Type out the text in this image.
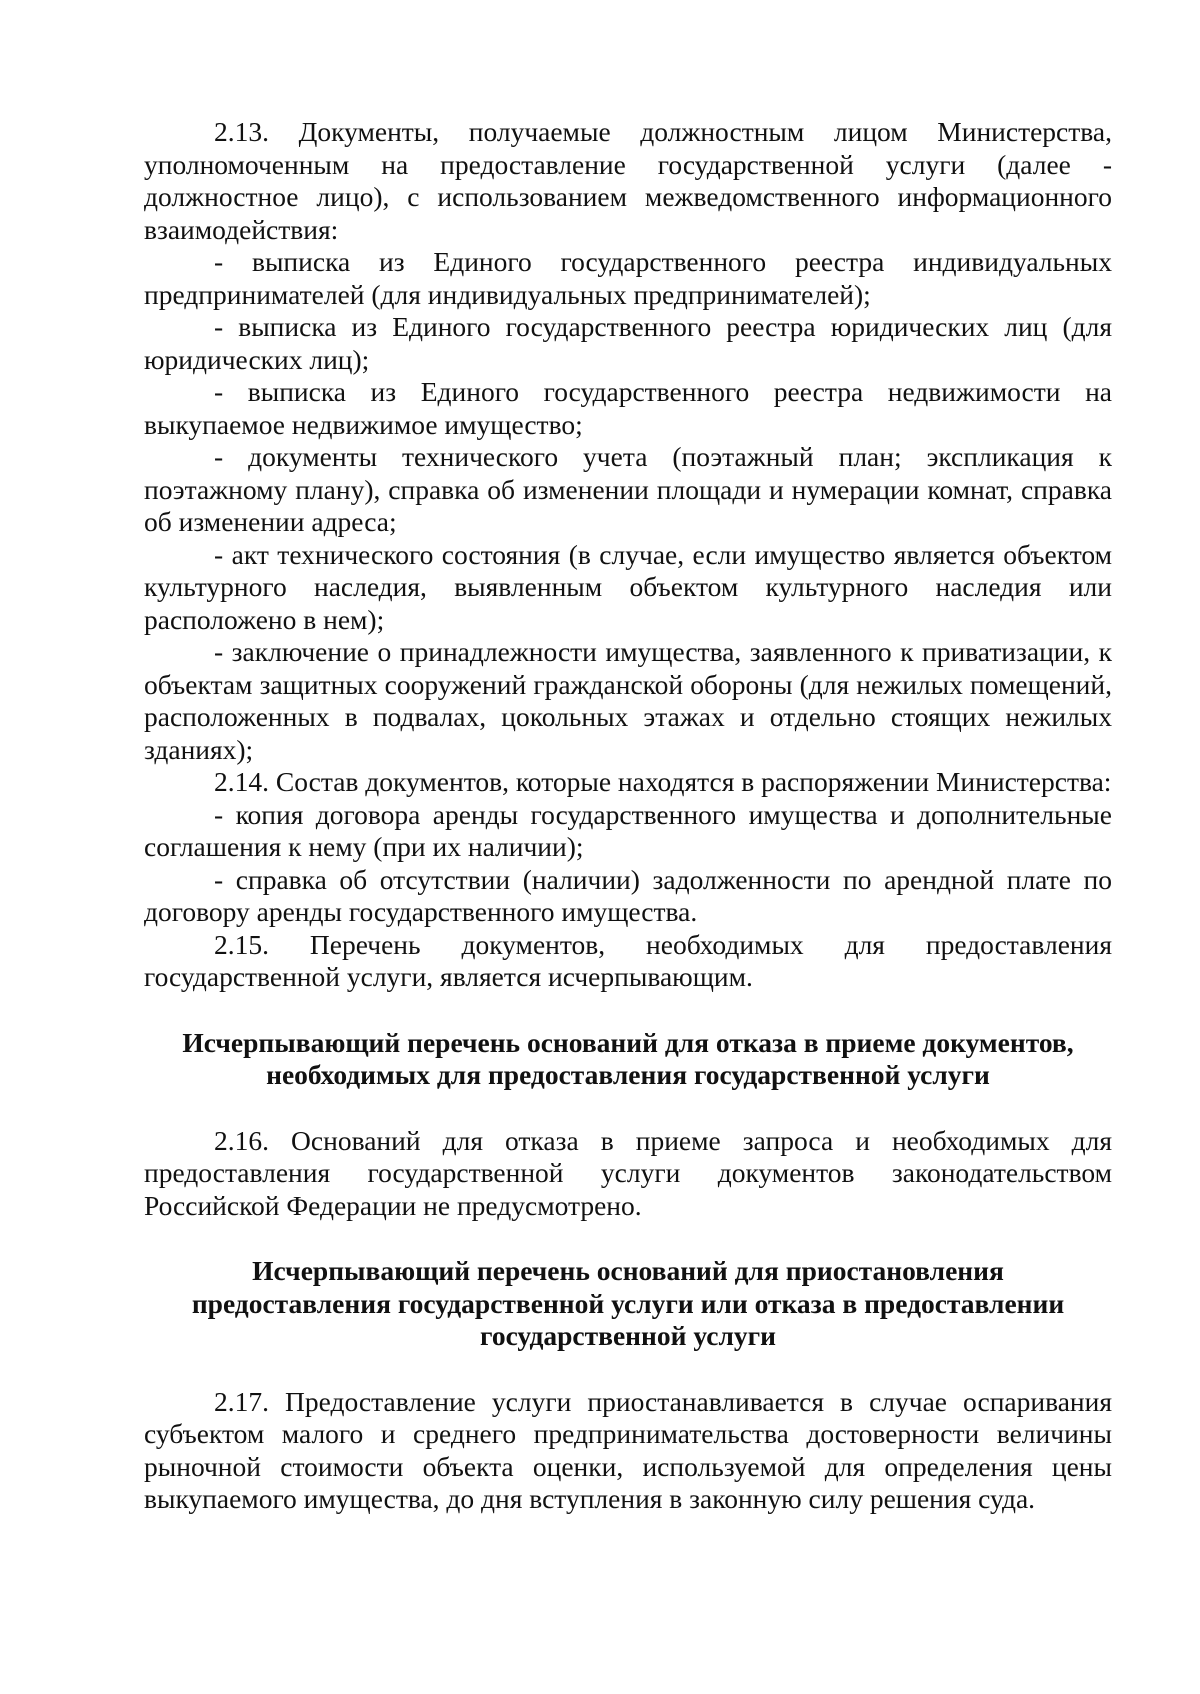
2.13. Документы, получаемые должностным лицом Министерства, уполномоченным на предоставление государственной услуги (далее - должностное лицо), с использованием межведомственного информационного взаимодействия:

- выписка из Единого государственного реестра индивидуальных предпринимателей (для индивидуальных предпринимателей);

- выписка из Единого государственного реестра юридических лиц (для юридических лиц);

- выписка из Единого государственного реестра недвижимости на выкупаемое недвижимое имущество;

- документы технического учета (поэтажный план; экспликация к поэтажному плану), справка об изменении площади и нумерации комнат, справка об изменении адреса;

- акт технического состояния (в случае, если имущество является объектом культурного наследия, выявленным объектом культурного наследия или расположено в нем);

- заключение о принадлежности имущества, заявленного к приватизации, к объектам защитных сооружений гражданской обороны (для нежилых помещений, расположенных в подвалах, цокольных этажах и отдельно стоящих нежилых зданиях);

2.14. Состав документов, которые находятся в распоряжении Министерства:

- копия договора аренды государственного имущества и дополнительные соглашения к нему (при их наличии);

- справка об отсутствии (наличии) задолженности по арендной плате по договору аренды государственного имущества.

2.15. Перечень документов, необходимых для предоставления государственной услуги, является исчерпывающим.

Исчерпывающий перечень оснований для отказа в приеме документов,
необходимых для предоставления государственной услуги

2.16. Оснований для отказа в приеме запроса и необходимых для предоставления государственной услуги документов законодательством Российской Федерации не предусмотрено.

Исчерпывающий перечень оснований для приостановления
предоставления государственной услуги или отказа в предоставлении
государственной услуги

2.17. Предоставление услуги приостанавливается в случае оспаривания субъектом малого и среднего предпринимательства достоверности величины рыночной стоимости объекта оценки, используемой для определения цены выкупаемого имущества, до дня вступления в законную силу решения суда.
